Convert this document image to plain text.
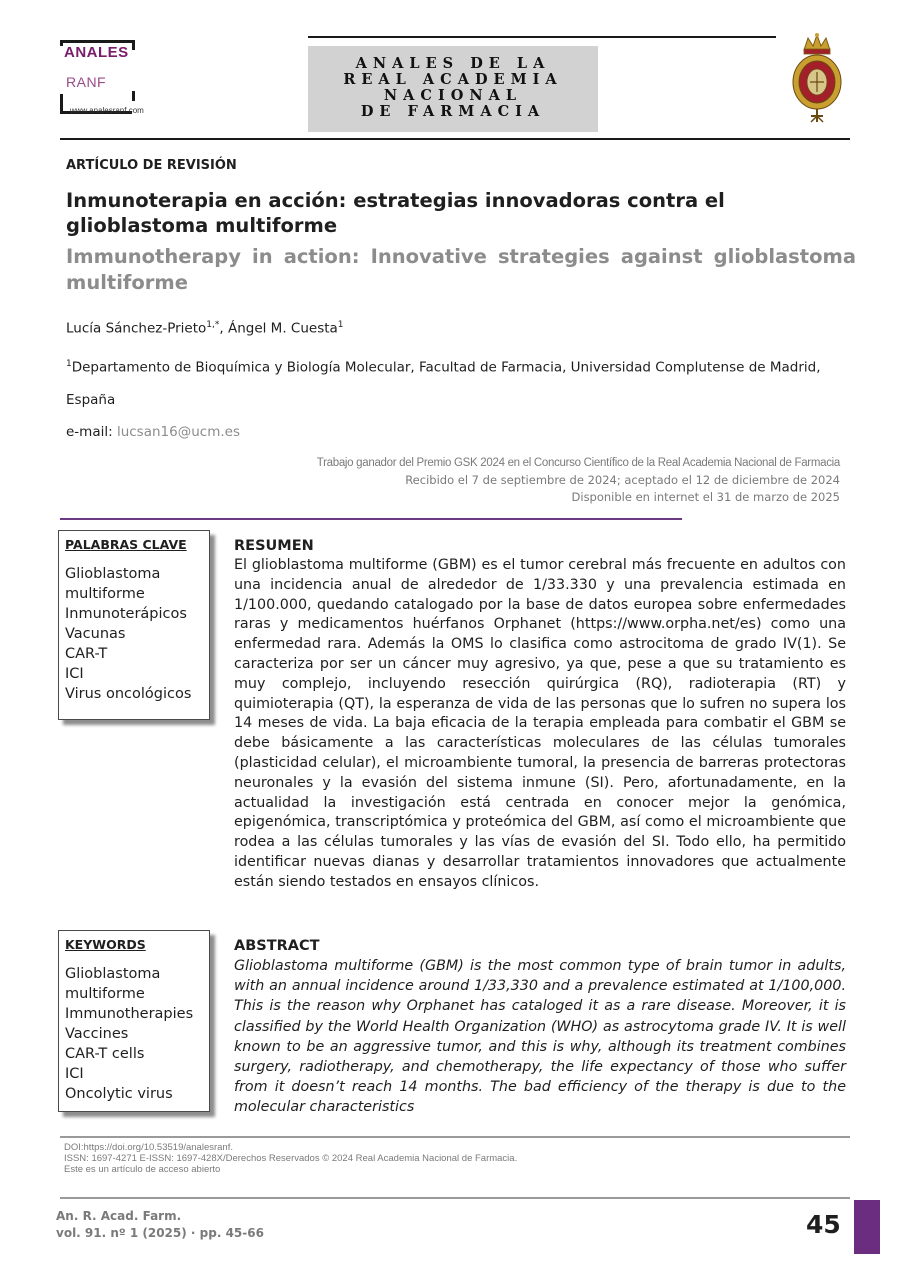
ANALES
RANF
www.analesranf.com
ANALES DE LA
REAL ACADEMIA
NACIONAL
DE FARMACIA
ARTÍCULO DE REVISIÓN
Inmunoterapia en acción: estrategias innovadoras contra el glioblastoma multiforme
Immunotherapy in action: Innovative strategies against glioblastoma multiforme
Lucía Sánchez-Prieto$^{1,*}$, Ángel M. Cuesta$^1$
$^1$Departamento de Bioquímica y Biología Molecular, Facultad de Farmacia, Universidad Complutense de Madrid, España
e-mail: lucsan16@ucm.es
Trabajo ganador del Premio GSK 2024 en el Concurso Científico de la Real Academia Nacional de Farmacia
Recibido el 7 de septiembre de 2024; aceptado el 12 de diciembre de 2024
Disponible en internet el 31 de marzo de 2025
PALABRAS CLAVE
Glioblastoma
multiforme
Inmunoterápicos
Vacunas
CAR-T
ICI
Virus oncológicos
RESUMEN
El glioblastoma multiforme (GBM) es el tumor cerebral más frecuente en adultos con una incidencia anual de alrededor de 1/33.330 y una prevalencia estimada en 1/100.000, quedando catalogado por la base de datos europea sobre enfermedades raras y medicamentos huérfanos Orphanet (https://www.orpha.net/es) como una enfermedad rara. Además la OMS lo clasifica como astrocitoma de grado IV(1). Se caracteriza por ser un cáncer muy agresivo, ya que, pese a que su tratamiento es muy complejo, incluyendo resección quirúrgica (RQ), radioterapia (RT) y quimioterapia (QT), la esperanza de vida de las personas que lo sufren no supera los 14 meses de vida. La baja eficacia de la terapia empleada para combatir el GBM se debe básicamente a las características moleculares de las células tumorales (plasticidad celular), el microambiente tumoral, la presencia de barreras protectoras neuronales y la evasión del sistema inmune (SI). Pero, afortunadamente, en la actualidad la investigación está centrada en conocer mejor la genómica, epigenómica, transcriptómica y proteómica del GBM, así como el microambiente que rodea a las células tumorales y las vías de evasión del SI. Todo ello, ha permitido identificar nuevas dianas y desarrollar tratamientos innovadores que actualmente están siendo testados en ensayos clínicos.
KEYWORDS
Glioblastoma
multiforme
Immunotherapies
Vaccines
CAR-T cells
ICI
Oncolytic virus
ABSTRACT
Glioblastoma multiforme (GBM) is the most common type of brain tumor in adults, with an annual incidence around 1/33,330 and a prevalence estimated at 1/100,000. This is the reason why Orphanet has cataloged it as a rare disease. Moreover, it is classified by the World Health Organization (WHO) as astrocytoma grade IV. It is well known to be an aggressive tumor, and this is why, although its treatment combines surgery, radiotherapy, and chemotherapy, the life expectancy of those who suffer from it doesn’t reach 14 months. The bad efficiency of the therapy is due to the molecular characteristics
DOI:https://doi.org/10.53519/analesranf.
ISSN: 1697-4271 E-ISSN: 1697-428X/Derechos Reservados © 2024 Real Academia Nacional de Farmacia.
Este es un artículo de acceso abierto
An. R. Acad. Farm.
vol. 91. nº 1 (2025) · pp. 45-66	45
